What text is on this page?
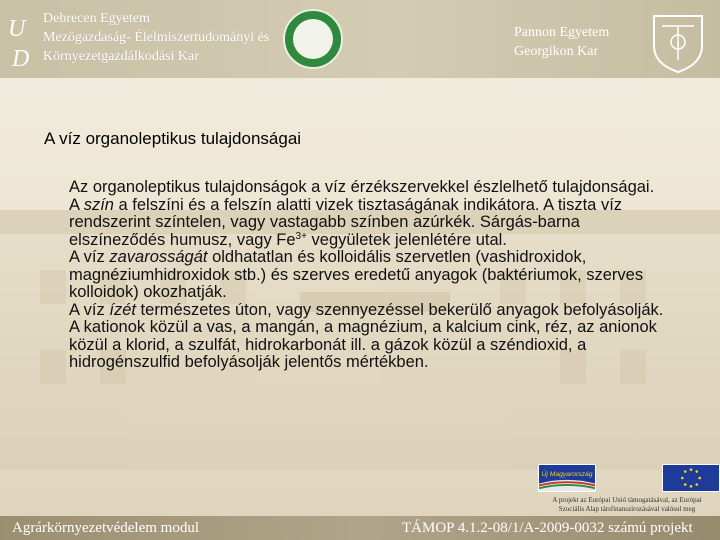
U
D
Debrecen Egyetem
Mezőgazdaság- Élelmiszertudományi és
Környezetgazdálkodási Kar
Pannon Egyetem
Georgikon Kar
A víz organoleptikus tulajdonságai

Az organoleptikus tulajdonságok a víz érzékszervekkel észlelhető tulajdonságai.

A szín a felszíni és a felszín alatti vizek tisztaságának indikátora. A tiszta víz rendszerint színtelen, vagy vastagabb színben azúrkék. Sárgás-barna elszíneződés humusz, vagy $Fe^{3+}$ vegyületek jelenlétére utal.

A víz zavarosságát oldhatatlan és kolloidális szervetlen (vashidroxidok, magnéziumhidroxidok stb.) és szerves eredetű anyagok (baktériumok, szerves kolloidok) okozhatják.

A víz ízét természetes úton, vagy szennyezéssel bekerülő anyagok befolyásolják. A kationok közül a vas, a mangán, a magnézium, a kalcium cink, réz, az anionok közül a klorid, a szulfát, hidrokarbonát ill. a gázok közül a széndioxid, a hidrogénszulfid befolyásolják jelentős mértékben.

Új Magyarország
A projekt az Európai Unió támogatásával, az Európai
Szociális Alap társfinanszírozásával valósul meg
Agrárkörnyezetvédelem modul	TÁMOP 4.1.2-08/1/A-2009-0032 számú projekt
